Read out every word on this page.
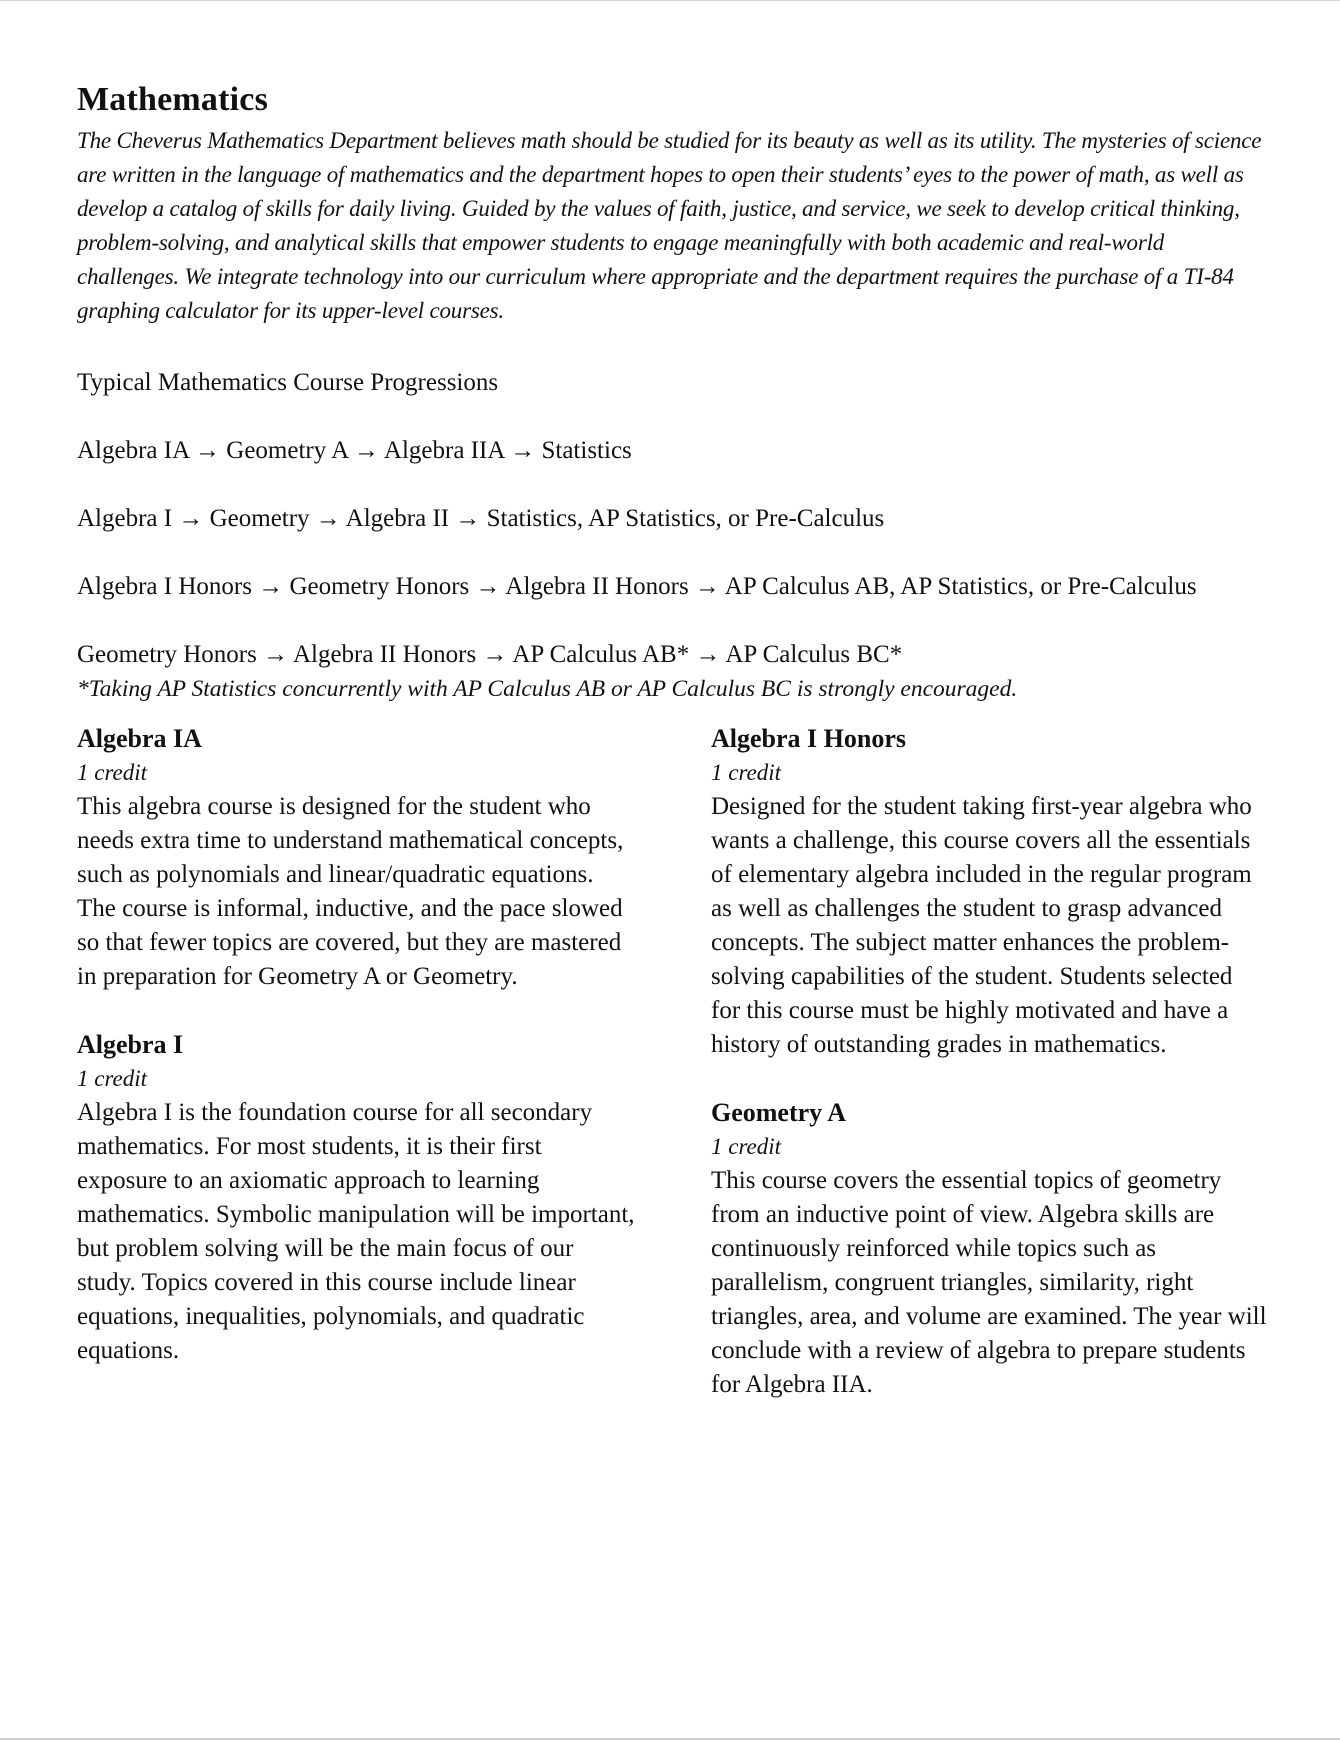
Mathematics

The Cheverus Mathematics Department believes math should be studied for its beauty as well as its utility. The mysteries of science are written in the language of mathematics and the department hopes to open their students’ eyes to the power of math, as well as develop a catalog of skills for daily living. Guided by the values of faith, justice, and service, we seek to develop critical thinking, problem-solving, and analytical skills that empower students to engage meaningfully with both academic and real-world challenges. We integrate technology into our curriculum where appropriate and the department requires the purchase of a TI-84 graphing calculator for its upper-level courses.

Typical Mathematics Course Progressions

Algebra IA → Geometry A → Algebra IIA → Statistics

Algebra I → Geometry → Algebra II → Statistics, AP Statistics, or Pre-Calculus

Algebra I Honors → Geometry Honors → Algebra II Honors → AP Calculus AB, AP Statistics, or Pre-Calculus

Geometry Honors → Algebra II Honors → AP Calculus AB* → AP Calculus BC*

*Taking AP Statistics concurrently with AP Calculus AB or AP Calculus BC is strongly encouraged.

Algebra IA

1 credit

This algebra course is designed for the student who needs extra time to understand mathematical concepts, such as polynomials and linear/quadratic equations. The course is informal, inductive, and the pace slowed so that fewer topics are covered, but they are mastered in preparation for Geometry A or Geometry.

Algebra I

1 credit

Algebra I is the foundation course for all secondary mathematics. For most students, it is their first exposure to an axiomatic approach to learning mathematics. Symbolic manipulation will be important, but problem solving will be the main focus of our study. Topics covered in this course include linear equations, inequalities, polynomials, and quadratic equations.

Algebra I Honors

1 credit

Designed for the student taking first-year algebra who wants a challenge, this course covers all the essentials of elementary algebra included in the regular program as well as challenges the student to grasp advanced concepts. The subject matter enhances the problem-solving capabilities of the student. Students selected for this course must be highly motivated and have a history of outstanding grades in mathematics.

Geometry A

1 credit

This course covers the essential topics of geometry from an inductive point of view. Algebra skills are continuously reinforced while topics such as parallelism, congruent triangles, similarity, right triangles, area, and volume are examined. The year will conclude with a review of algebra to prepare students for Algebra IIA.
